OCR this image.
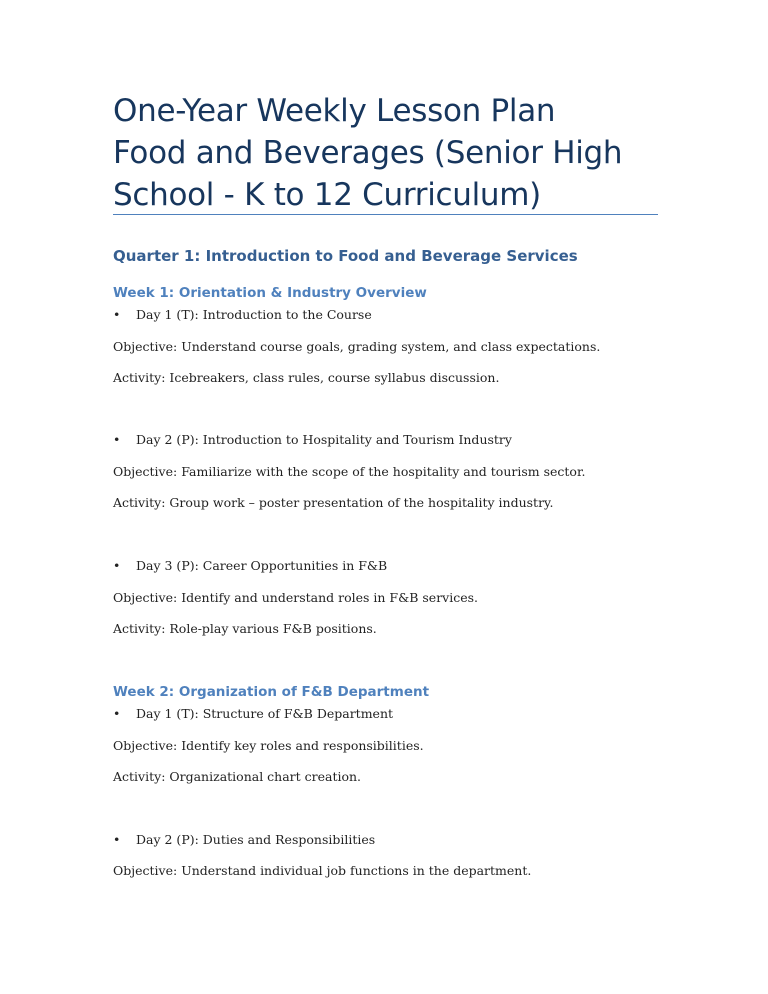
One-Year Weekly Lesson Plan
Food and Beverages (Senior High
School - K to 12 Curriculum)
Quarter 1: Introduction to Food and Beverage Services
Week 1: Orientation & Industry Overview
• Day 1 (T): Introduction to the Course

Objective: Understand course goals, grading system, and class expectations.

Activity: Icebreakers, class rules, course syllabus discussion.

• Day 2 (P): Introduction to Hospitality and Tourism Industry

Objective: Familiarize with the scope of the hospitality and tourism sector.

Activity: Group work – poster presentation of the hospitality industry.

• Day 3 (P): Career Opportunities in F&B

Objective: Identify and understand roles in F&B services.

Activity: Role-play various F&B positions.

Week 2: Organization of F&B Department
• Day 1 (T): Structure of F&B Department

Objective: Identify key roles and responsibilities.

Activity: Organizational chart creation.

• Day 2 (P): Duties and Responsibilities

Objective: Understand individual job functions in the department.
